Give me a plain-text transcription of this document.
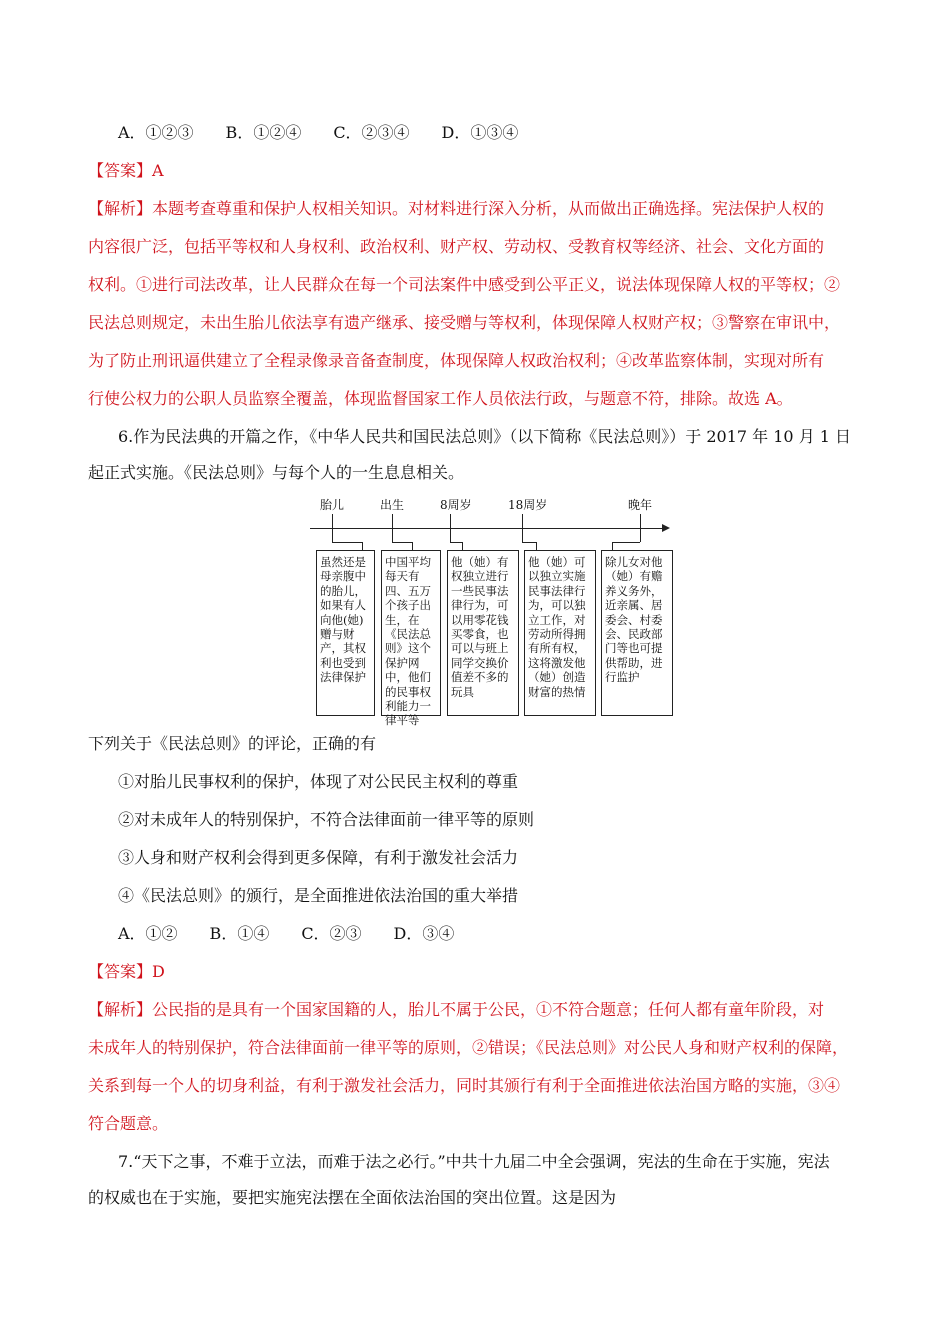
A．①②③　　B．①②④　　C．②③④　　D．①③④
【答案】A
【解析】本题考查尊重和保护人权相关知识。对材料进行深入分析，从而做出正确选择。宪法保护人权的
内容很广泛，包括平等权和人身权利、政治权利、财产权、劳动权、受教育权等经济、社会、文化方面的
权利。①进行司法改革，让人民群众在每一个司法案件中感受到公平正义，说法体现保障人权的平等权；②
民法总则规定，未出生胎儿依法享有遗产继承、接受赠与等权利，体现保障人权财产权；③警察在审讯中，
为了防止刑讯逼供建立了全程录像录音备查制度，体现保障人权政治权利；④改革监察体制，实现对所有
行使公权力的公职人员监察全覆盖，体现监督国家工作人员依法行政，与题意不符，排除。故选 A。
6.作为民法典的开篇之作，《中华人民共和国民法总则》（以下简称《民法总则》）于 2017 年 10 月 1 日
起正式实施。《民法总则》与每个人的一生息息相关。
胎儿	出生	8周岁	18周岁	晚年
虽然还是母亲腹中的胎儿，如果有人向他(她)赠与财产，其权利也受到法律保护
中国平均每天有四、五万个孩子出生，在《民法总则》这个保护网中，他们的民事权利能力一律平等
他（她）有权独立进行一些民事法律行为，可以用零花钱买零食，也可以与班上同学交换价值差不多的玩具
他（她）可以独立实施民事法律行为，可以独立工作，对劳动所得拥有所有权，这将激发他（她）创造财富的热情
除儿女对他（她）有赡养义务外，近亲属、居委会、村委会、民政部门等也可提供帮助，进行监护
下列关于《民法总则》的评论，正确的有
①对胎儿民事权利的保护，体现了对公民民主权利的尊重
②对未成年人的特别保护，不符合法律面前一律平等的原则
③人身和财产权利会得到更多保障，有利于激发社会活力
④《民法总则》的颁行，是全面推进依法治国的重大举措
A．①②　　B．①④　　C．②③　　D．③④
【答案】D
【解析】公民指的是具有一个国家国籍的人，胎儿不属于公民，①不符合题意；任何人都有童年阶段，对
未成年人的特别保护，符合法律面前一律平等的原则，②错误；《民法总则》对公民人身和财产权利的保障，
关系到每一个人的切身利益，有利于激发社会活力，同时其颁行有利于全面推进依法治国方略的实施，③④
符合题意。
7.“天下之事，不难于立法，而难于法之必行。”中共十九届二中全会强调，宪法的生命在于实施，宪法
的权威也在于实施，要把实施宪法摆在全面依法治国的突出位置。这是因为
